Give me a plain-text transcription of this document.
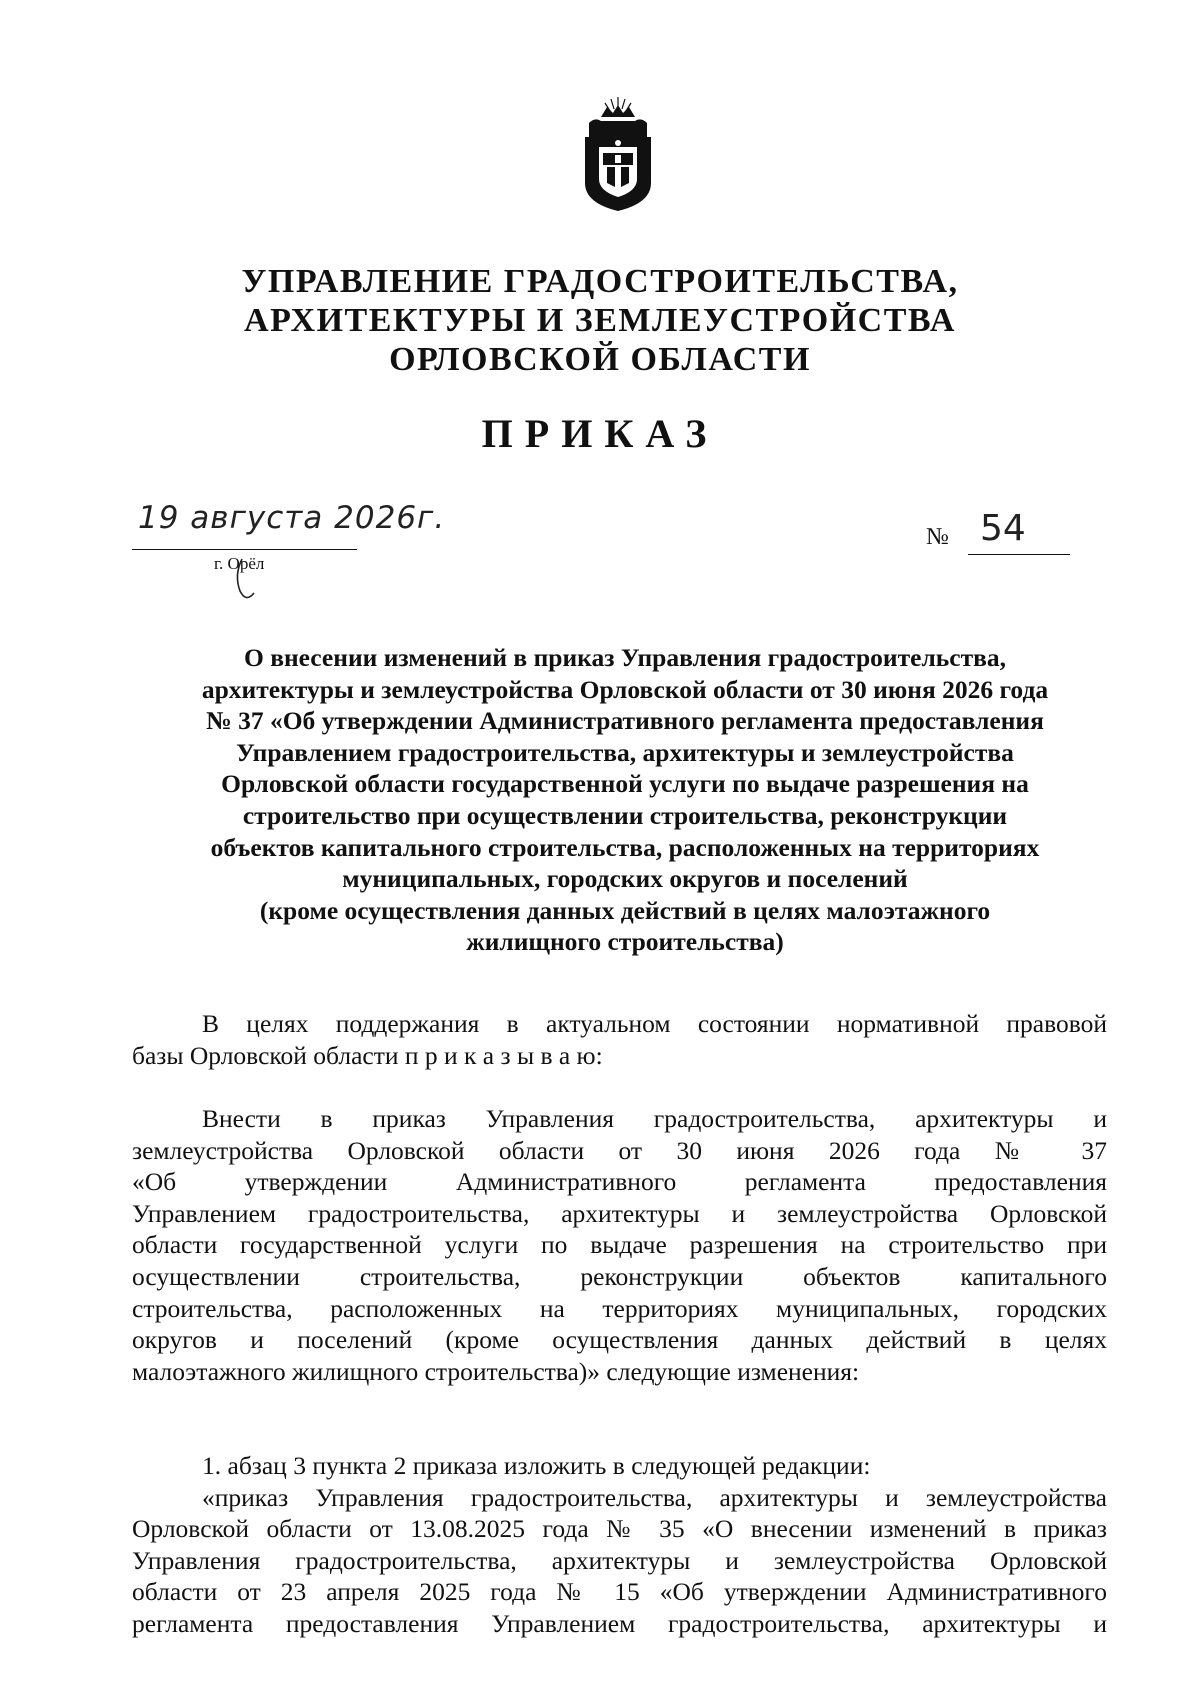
УПРАВЛЕНИЕ ГРАДОСТРОИТЕЛЬСТВА,
АРХИТЕКТУРЫ И ЗЕМЛЕУСТРОЙСТВА
ОРЛОВСКОЙ ОБЛАСТИ
ПРИКАЗ
19 августа 2026г.
г. Орёл
№ 54
О внесении изменений в приказ Управления градостроительства,
архитектуры и землеустройства Орловской области от 30 июня 2026 года
№ 37 «Об утверждении Административного регламента предоставления
Управлением градостроительства, архитектуры и землеустройства
Орловской области государственной услуги по выдаче разрешения на
строительство при осуществлении строительства, реконструкции
объектов капитального строительства, расположенных на территориях
муниципальных, городских округов и поселений
(кроме осуществления данных действий в целях малоэтажного
жилищного строительства)
В целях поддержания в актуальном состоянии нормативной правовой
базы Орловской области п р и к а з ы в а ю:
Внести в приказ Управления градостроительства, архитектуры и
землеустройства Орловской области от 30 июня 2026 года № 37
«Об утверждении Административного регламента предоставления
Управлением градостроительства, архитектуры и землеустройства Орловской
области государственной услуги по выдаче разрешения на строительство при
осуществлении строительства, реконструкции объектов капитального
строительства, расположенных на территориях муниципальных, городских
округов и поселений (кроме осуществления данных действий в целях
малоэтажного жилищного строительства)» следующие изменения:
1. абзац 3 пункта 2 приказа изложить в следующей редакции:
«приказ Управления градостроительства, архитектуры и землеустройства
Орловской области от 13.08.2025 года № 35 «О внесении изменений в приказ
Управления градостроительства, архитектуры и землеустройства Орловской
области от 23 апреля 2025 года № 15 «Об утверждении Административного
регламента предоставления Управлением градостроительства, архитектуры и
